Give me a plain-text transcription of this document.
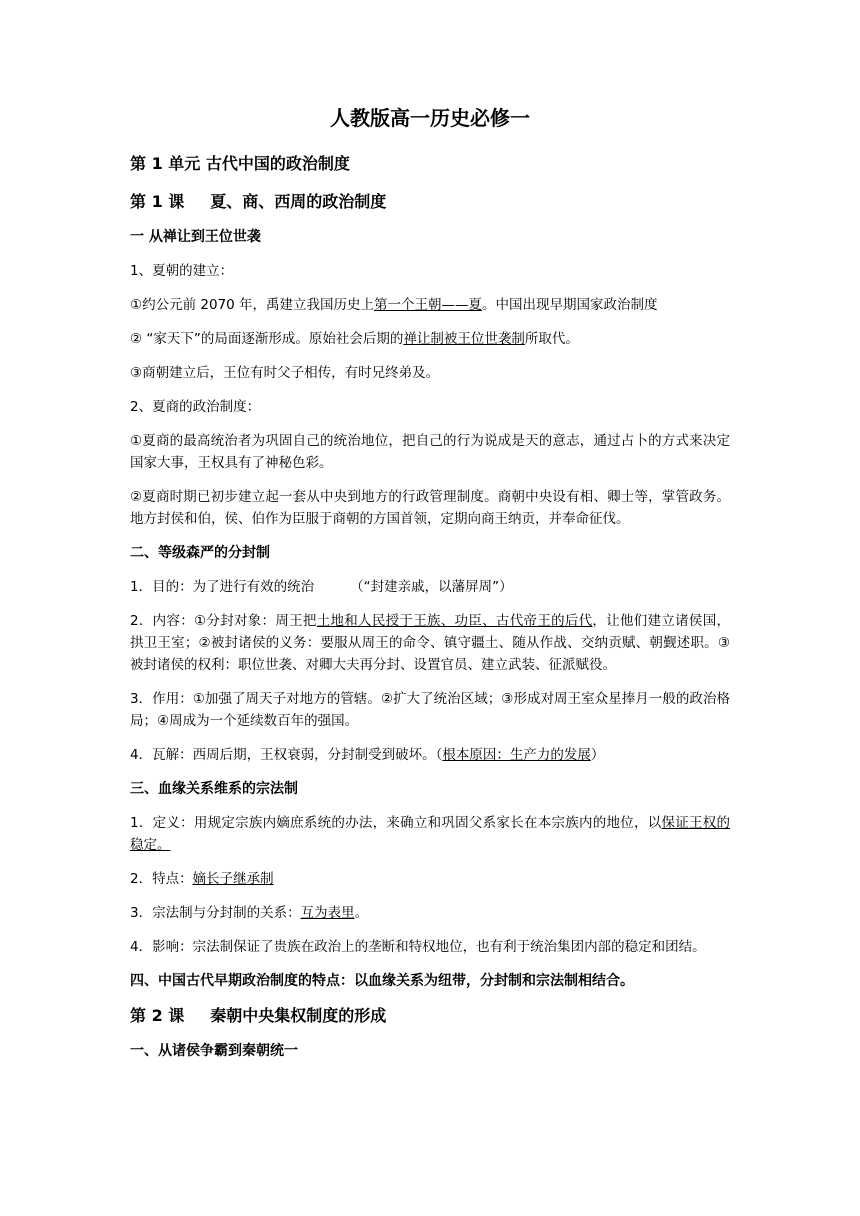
人教版高一历史必修一
第 1 单元 古代中国的政治制度
第 1 课 夏、商、西周的政治制度
一 从禅让到王位世袭
1、夏朝的建立：
①约公元前 2070 年，禹建立我国历史上第一个王朝——夏。中国出现早期国家政治制度
② “家天下”的局面逐渐形成。原始社会后期的禅让制被王位世袭制所取代。
③商朝建立后，王位有时父子相传，有时兄终弟及。
2、夏商的政治制度：
①夏商的最高统治者为巩固自己的统治地位，把自己的行为说成是天的意志，通过占卜的方式来决定国家大事，王权具有了神秘色彩。
②夏商时期已初步建立起一套从中央到地方的行政管理制度。商朝中央设有相、卿士等，掌管政务。地方封侯和伯，侯、伯作为臣服于商朝的方国首领，定期向商王纳贡，并奉命征伐。
二、等级森严的分封制
1．目的：为了进行有效的统治	（“封建亲戚，以藩屏周”）
2．内容：①分封对象：周王把土地和人民授于王族、功臣、古代帝王的后代，让他们建立诸侯国，拱卫王室；②被封诸侯的义务：要服从周王的命令、镇守疆土、随从作战、交纳贡赋、朝觐述职。③被封诸侯的权利：职位世袭、对卿大夫再分封、设置官员、建立武装、征派赋役。
3．作用：①加强了周天子对地方的管辖。②扩大了统治区域；③形成对周王室众星捧月一般的政治格局；④周成为一个延续数百年的强国。
4．瓦解：西周后期，王权衰弱，分封制受到破坏。（根本原因：生产力的发展）
三、血缘关系维系的宗法制
1．定义：用规定宗族内嫡庶系统的办法，来确立和巩固父系家长在本宗族内的地位，以保证王权的稳定。
2．特点：嫡长子继承制
3．宗法制与分封制的关系：互为表里。
4．影响：宗法制保证了贵族在政治上的垄断和特权地位，也有利于统治集团内部的稳定和团结。
四、中国古代早期政治制度的特点：以血缘关系为纽带，分封制和宗法制相结合。
第 2 课 秦朝中央集权制度的形成
一、从诸侯争霸到秦朝统一
